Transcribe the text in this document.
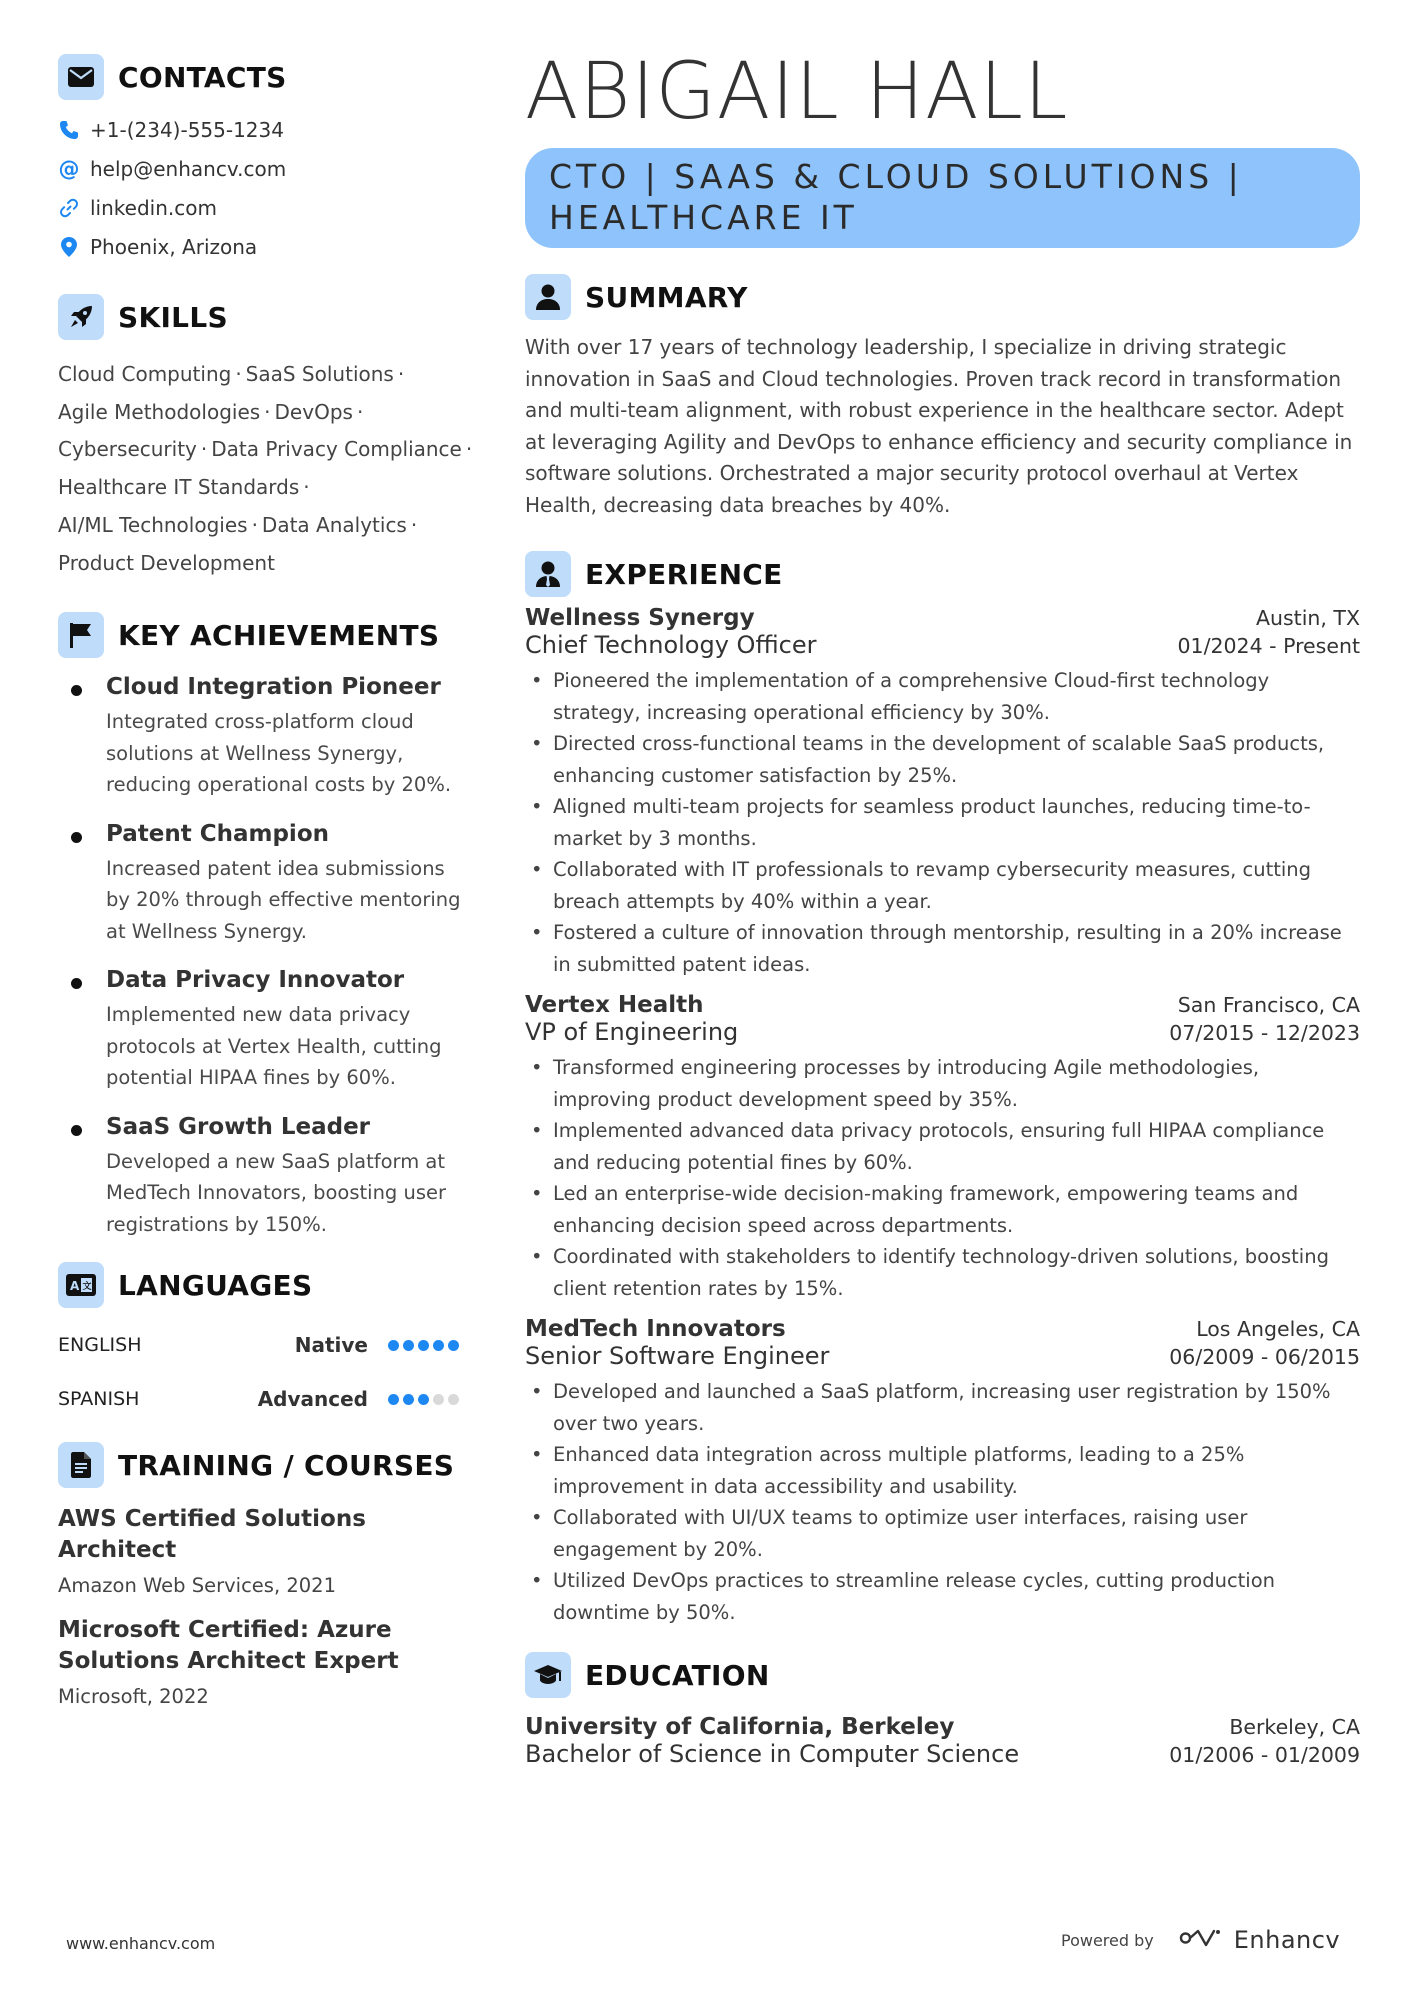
CONTACTS
+1-(234)-555-1234
@ help@enhancv.com
linkedin.com
Phoenix, Arizona
SKILLS
Cloud Computing · SaaS Solutions ·
Agile Methodologies · DevOps ·
Cybersecurity · Data Privacy Compliance ·
Healthcare IT Standards ·
AI/ML Technologies · Data Analytics ·
Product Development
KEY ACHIEVEMENTS
Cloud Integration Pioneer
Integrated cross-platform cloud
solutions at Wellness Synergy,
reducing operational costs by 20%.
Patent Champion
Increased patent idea submissions
by 20% through effective mentoring
at Wellness Synergy.
Data Privacy Innovator
Implemented new data privacy
protocols at Vertex Health, cutting
potential HIPAA fines by 60%.
SaaS Growth Leader
Developed a new SaaS platform at
MedTech Innovators, boosting user
registrations by 150%.
A 文 LANGUAGES
ENGLISH	Native
SPANISH	Advanced
TRAINING / COURSES
AWS Certified Solutions
Architect
Amazon Web Services, 2021
Microsoft Certified: Azure
Solutions Architect Expert
Microsoft, 2022
ABIGAIL HALL
CTO | SAAS & CLOUD SOLUTIONS |
HEALTHCARE IT
SUMMARY
With over 17 years of technology leadership, I specialize in driving strategic
innovation in SaaS and Cloud technologies. Proven track record in transformation
and multi-team alignment, with robust experience in the healthcare sector. Adept
at leveraging Agility and DevOps to enhance efficiency and security compliance in
software solutions. Orchestrated a major security protocol overhaul at Vertex
Health, decreasing data breaches by 40%.
EXPERIENCE
Wellness Synergy	Austin, TX
Chief Technology Officer	01/2024 - Present
• Pioneered the implementation of a comprehensive Cloud-first technology
strategy, increasing operational efficiency by 30%.
• Directed cross-functional teams in the development of scalable SaaS products,
enhancing customer satisfaction by 25%.
• Aligned multi-team projects for seamless product launches, reducing time-to-
market by 3 months.
• Collaborated with IT professionals to revamp cybersecurity measures, cutting
breach attempts by 40% within a year.
• Fostered a culture of innovation through mentorship, resulting in a 20% increase
in submitted patent ideas.
Vertex Health	San Francisco, CA
VP of Engineering	07/2015 - 12/2023
• Transformed engineering processes by introducing Agile methodologies,
improving product development speed by 35%.
• Implemented advanced data privacy protocols, ensuring full HIPAA compliance
and reducing potential fines by 60%.
• Led an enterprise-wide decision-making framework, empowering teams and
enhancing decision speed across departments.
• Coordinated with stakeholders to identify technology-driven solutions, boosting
client retention rates by 15%.
MedTech Innovators	Los Angeles, CA
Senior Software Engineer	06/2009 - 06/2015
• Developed and launched a SaaS platform, increasing user registration by 150%
over two years.
• Enhanced data integration across multiple platforms, leading to a 25%
improvement in data accessibility and usability.
• Collaborated with UI/UX teams to optimize user interfaces, raising user
engagement by 20%.
• Utilized DevOps practices to streamline release cycles, cutting production
downtime by 50%.
EDUCATION
University of California, Berkeley	Berkeley, CA
Bachelor of Science in Computer Science	01/2006 - 01/2009
www.enhancv.com	Powered by	Enhancv
